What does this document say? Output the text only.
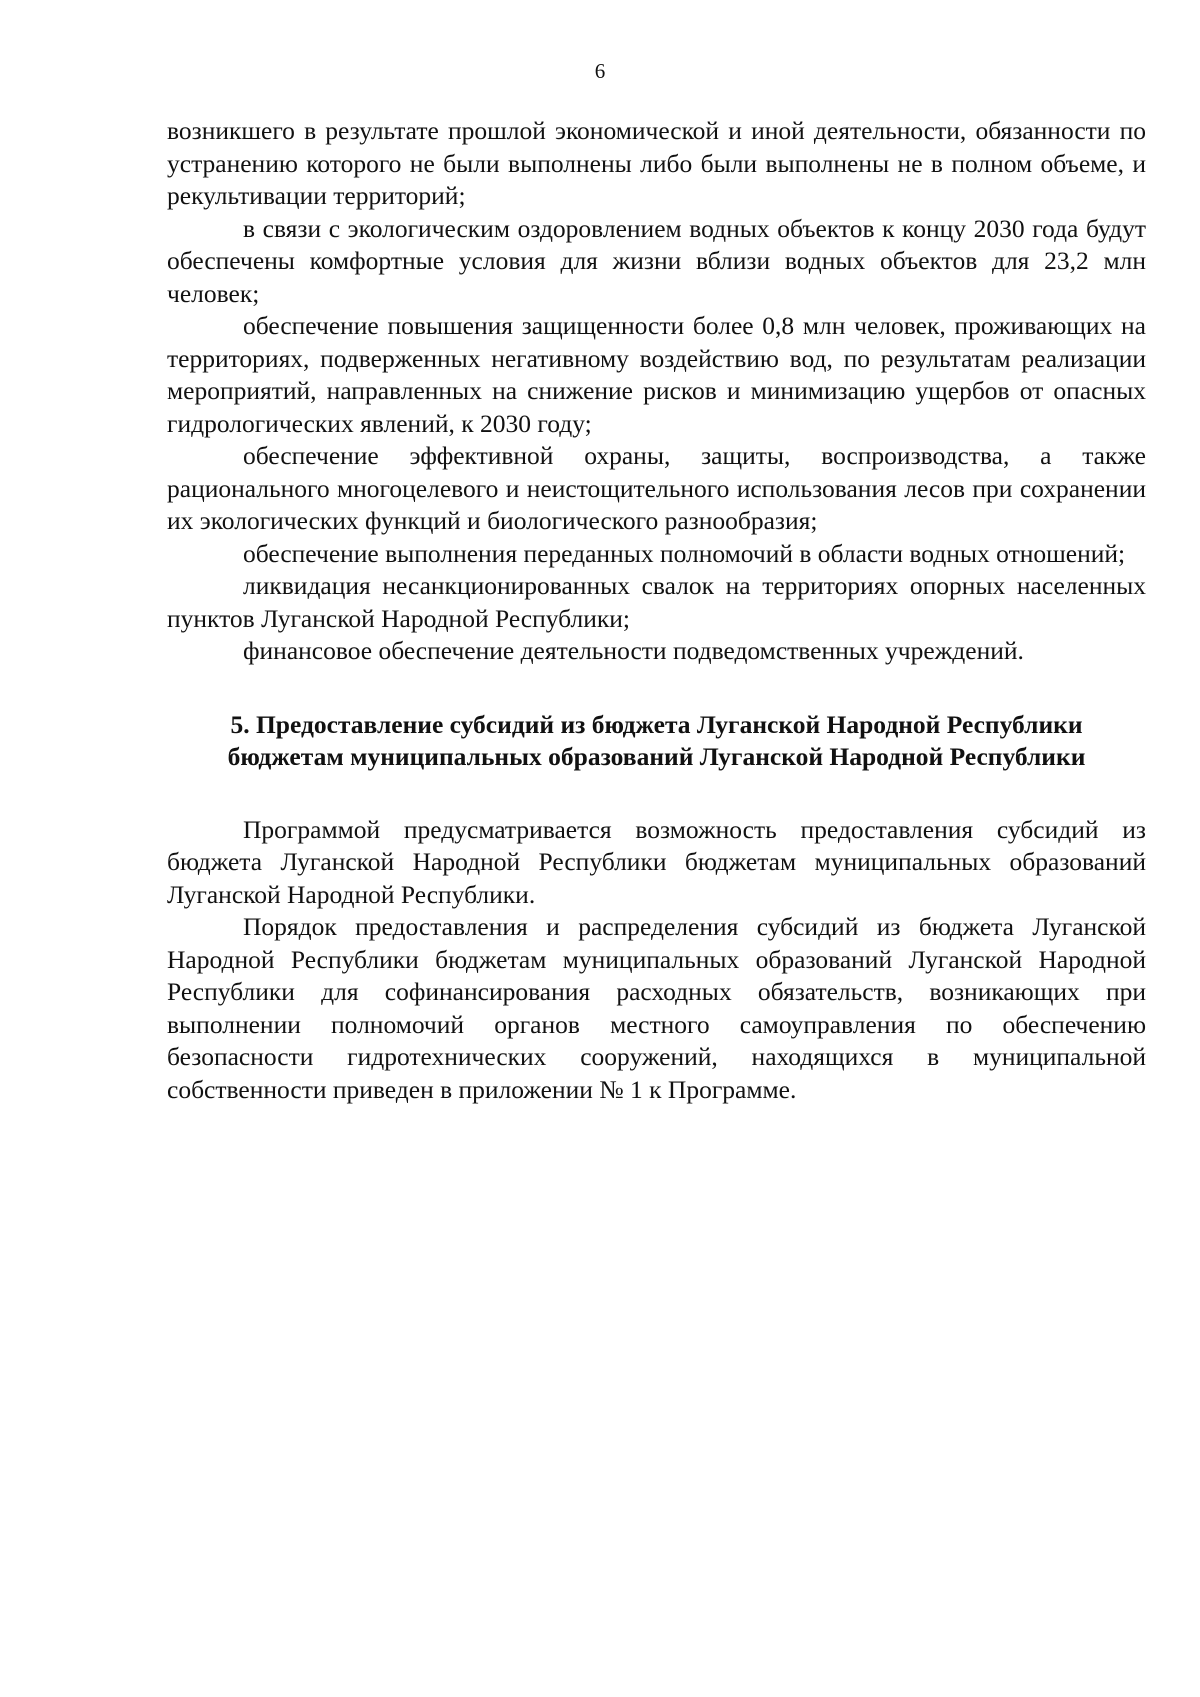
6

возникшего в результате прошлой экономической и иной деятельности, обязанности по устранению которого не были выполнены либо были выполнены не в полном объеме, и рекультивации территорий;

в связи с экологическим оздоровлением водных объектов к концу 2030 года будут обеспечены комфортные условия для жизни вблизи водных объектов для 23,2 млн человек;

обеспечение повышения защищенности более 0,8 млн человек, проживающих на территориях, подверженных негативному воздействию вод, по результатам реализации мероприятий, направленных на снижение рисков и минимизацию ущербов от опасных гидрологических явлений, к 2030 году;

обеспечение эффективной охраны, защиты, воспроизводства, а также рационального многоцелевого и неистощительного использования лесов при сохранении их экологических функций и биологического разнообразия;

обеспечение выполнения переданных полномочий в области водных отношений;

ликвидация несанкционированных свалок на территориях опорных населенных пунктов Луганской Народной Республики;

финансовое обеспечение деятельности подведомственных учреждений.

5. Предоставление субсидий из бюджета Луганской Народной Республики
бюджетам муниципальных образований Луганской Народной Республики

Программой предусматривается возможность предоставления субсидий из бюджета Луганской Народной Республики бюджетам муниципальных образований Луганской Народной Республики.

Порядок предоставления и распределения субсидий из бюджета Луганской Народной Республики бюджетам муниципальных образований Луганской Народной Республики для софинансирования расходных обязательств, возникающих при выполнении полномочий органов местного самоуправления по обеспечению безопасности гидротехнических сооружений, находящихся в муниципальной собственности приведен в приложении № 1 к Программе.
